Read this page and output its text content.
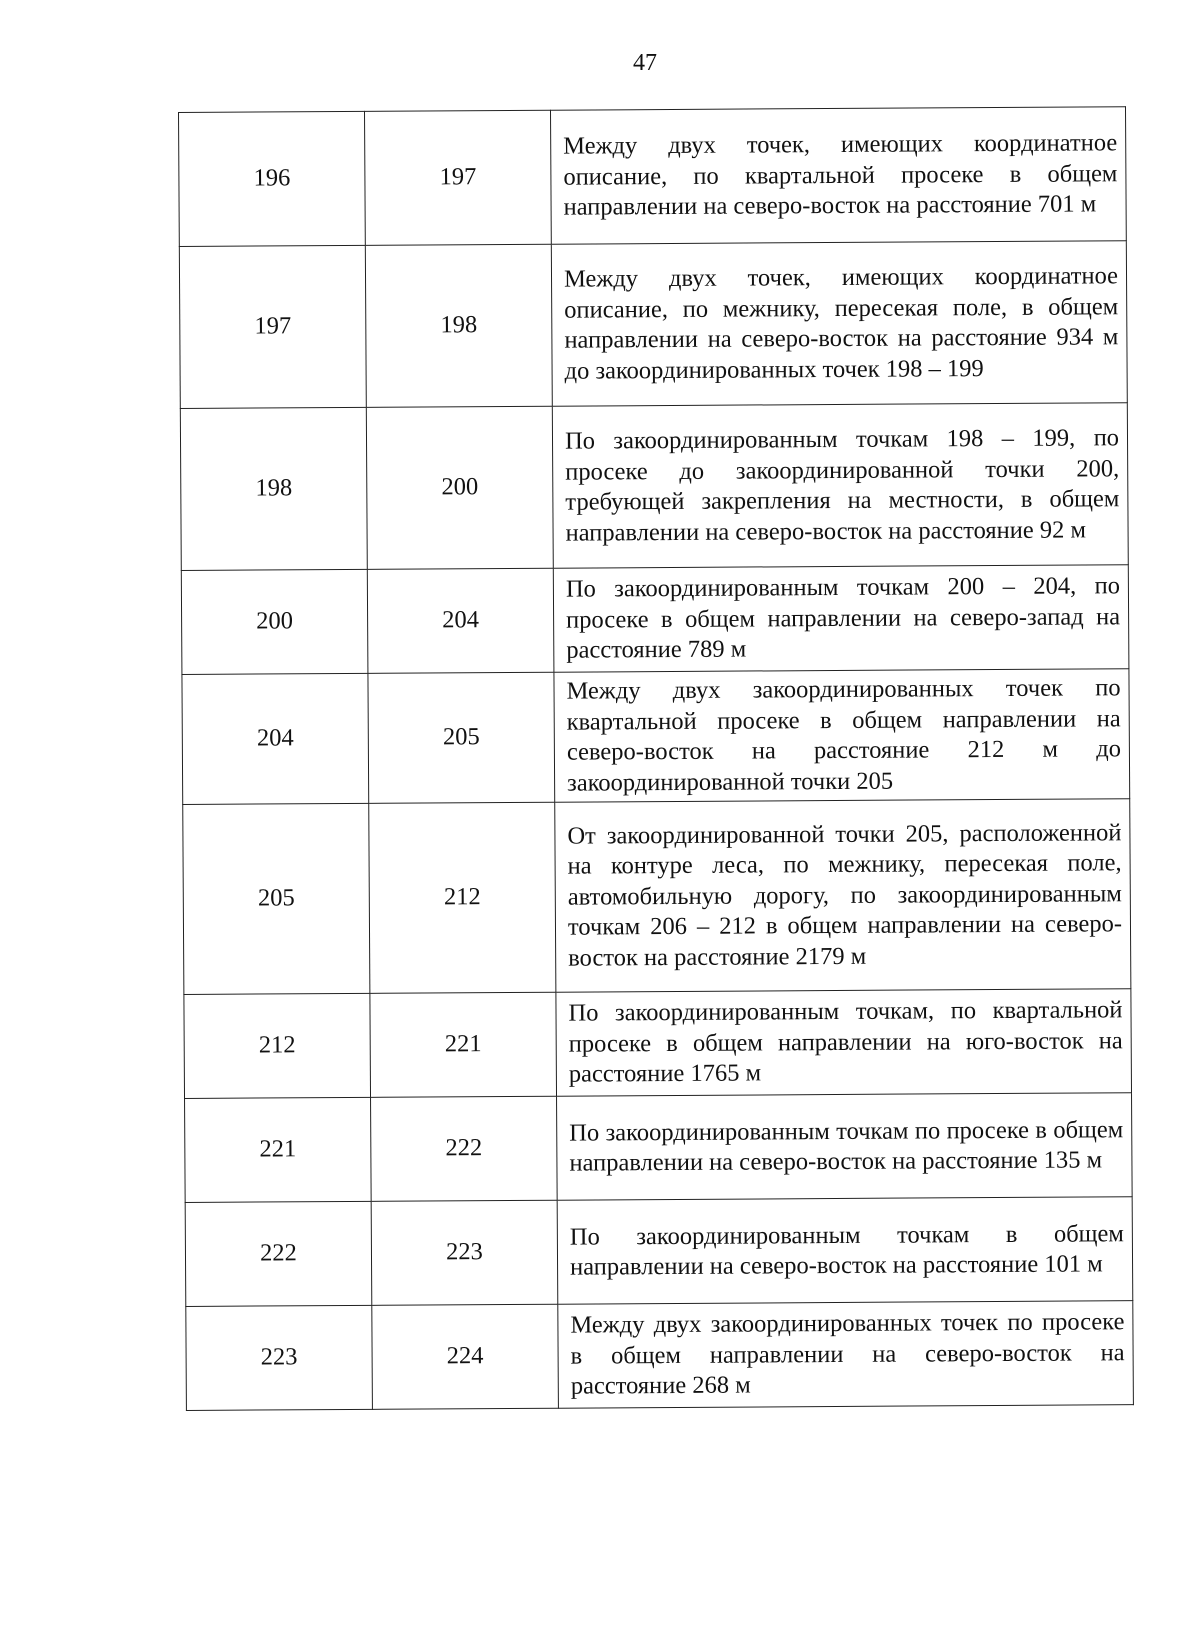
47
196	197	Между двух точек, имеющих координатное описание, по квартальной просеке в общем направлении на северо-восток на расстояние 701 м
197	198	Между двух точек, имеющих координатное описание, по межнику, пересекая поле, в общем направлении на северо-восток на расстояние 934 м до закоординированных точек 198 – 199
198	200	По закоординированным точкам 198 – 199, по просеке до закоординированной точки 200, требующей закрепления на местности, в общем направлении на северо-восток на расстояние 92 м
200	204	По закоординированным точкам 200 – 204, по просеке в общем направлении на северо-запад на расстояние 789 м
204	205	Между двух закоординированных точек по квартальной просеке в общем направлении на северо-восток на расстояние 212 м до закоординированной точки 205
205	212	От закоординированной точки 205, расположенной на контуре леса, по межнику, пересекая поле, автомобильную дорогу, по закоординированным точкам 206 – 212 в общем направлении на северо-восток на расстояние 2179 м
212	221	По закоординированным точкам, по квартальной просеке в общем направлении на юго-восток на расстояние 1765 м
221	222	По закоординированным точкам по просеке в общем направлении на северо-восток на расстояние 135 м
222	223	По закоординированным точкам в общем направлении на северо-восток на расстояние 101 м
223	224	Между двух закоординированных точек по просеке в общем направлении на северо-восток на расстояние 268 м
